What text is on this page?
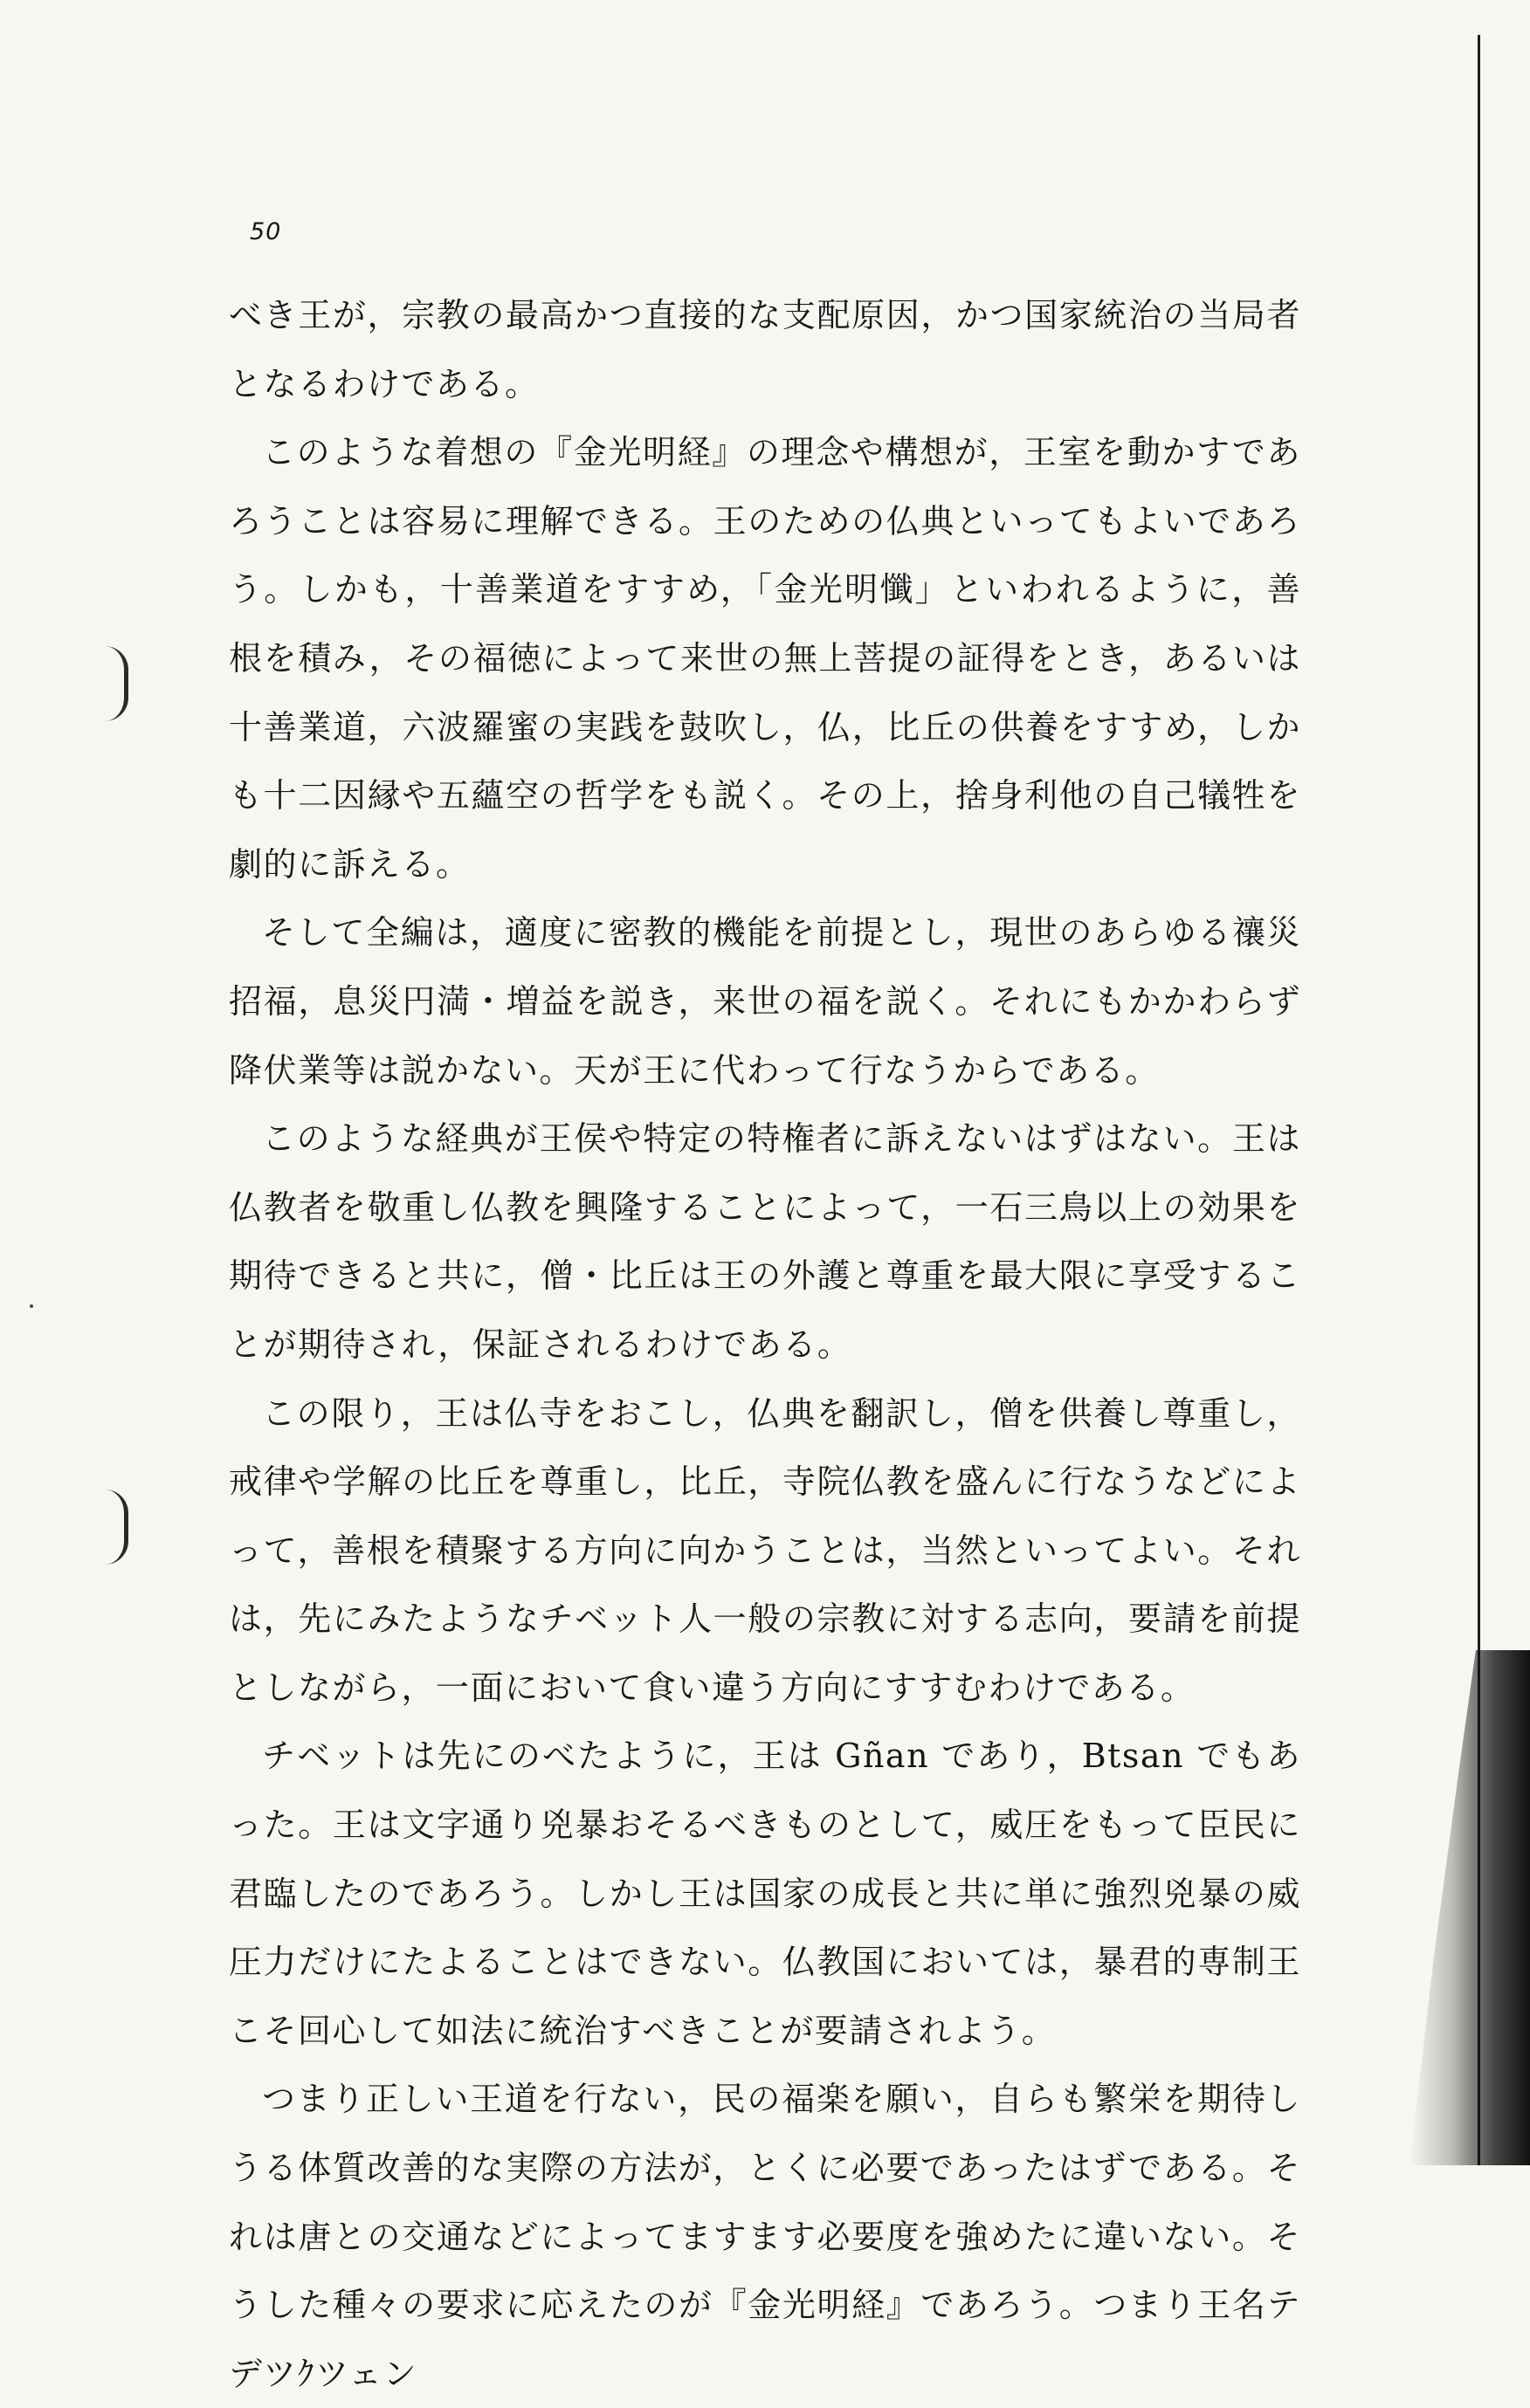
50

べき王が，宗教の最高かつ直接的な支配原因，かつ国家統治の当局者となるわけである。

このような着想の『金光明経』の理念や構想が，王室を動かすであろうことは容易に理解できる。王のための仏典といってもよいであろう。しかも，十善業道をすすめ，「金光明懺」といわれるように，善根を積み，その福徳によって来世の無上菩提の証得をとき，あるいは十善業道，六波羅蜜の実践を鼓吹し，仏，比丘の供養をすすめ，しかも十二因縁や五蘊空の哲学をも説く。その上，捨身利他の自己犠牲を劇的に訴える。

そして全編は，適度に密教的機能を前提とし，現世のあらゆる禳災招福，息災円満・増益を説き，来世の福を説く。それにもかかわらず降伏業等は説かない。天が王に代わって行なうからである。

このような経典が王侯や特定の特権者に訴えないはずはない。王は仏教者を敬重し仏教を興隆することによって，一石三鳥以上の効果を期待できると共に，僧・比丘は王の外護と尊重を最大限に享受することが期待され，保証されるわけである。

この限り，王は仏寺をおこし，仏典を翻訳し，僧を供養し尊重し，戒律や学解の比丘を尊重し，比丘，寺院仏教を盛んに行なうなどによって，善根を積聚する方向に向かうことは，当然といってよい。それは，先にみたようなチベット人一般の宗教に対する志向，要請を前提としながら，一面において食い違う方向にすすむわけである。

チベットは先にのべたように，王は Gñan であり，Btsan でもあった。王は文字通り兇暴おそるべきものとして，威圧をもって臣民に君臨したのであろう。しかし王は国家の成長と共に単に強烈兇暴の威圧力だけにたよることはできない。仏教国においては，暴君的専制王こそ回心して如法に統治すべきことが要請されよう。

つまり正しい王道を行ない，民の福楽を願い，自らも繁栄を期待しうる体質改善的な実際の方法が，とくに必要であったはずである。それは唐との交通などによってますます必要度を強めたに違いない。そうした種々の要求に応えたのが『金光明経』であろう。つまり王名テデツｸツェン
